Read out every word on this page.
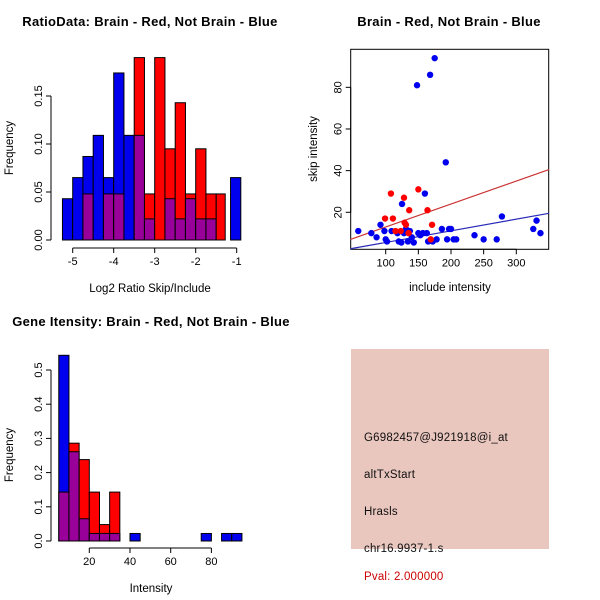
-5	-4	-3	-2	-1
0.00
0.05
0.10
0.15
RatioData: Brain - Red, Not Brain - Blue
Log2 Ratio Skip/Include
Frequency
100 150 200 250 300
20
40
60
80
Brain - Red, Not Brain - Blue
include intensity
skip intensity
20	40	60	80
0.0
0.1
0.2
0.3
0.4
0.5
Gene Itensity: Brain - Red, Not Brain - Blue
Intensity
Frequency	G6982457@J921918@i_at
altTxStart
Hrasls
chr16.9937-1.s
Pval: 2.000000
